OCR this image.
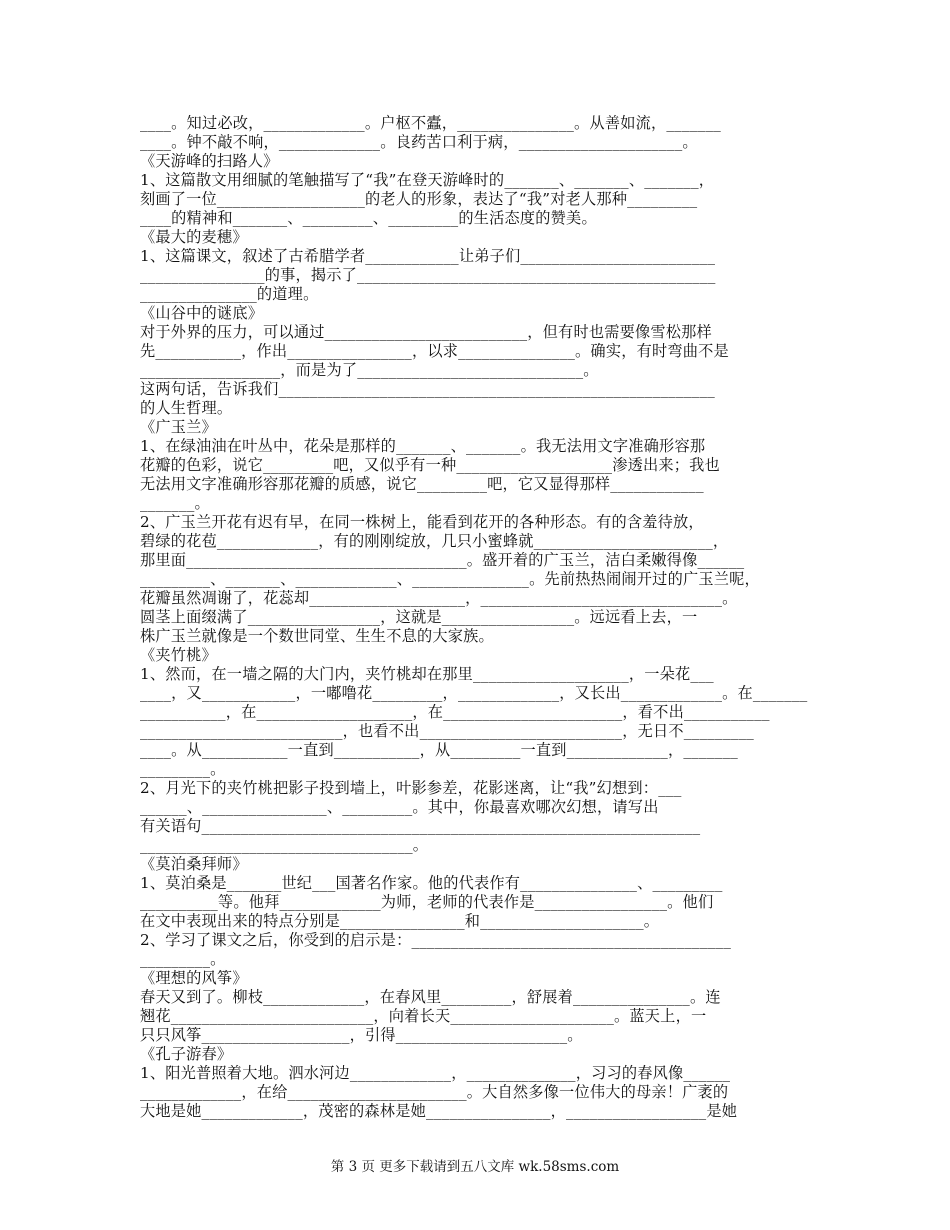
____。知过必改，_____________。户枢不蠹，_______________。从善如流，_______
____。钟不敲不响，_____________。良药苦口利于病，_____________________。
《天游峰的扫路人》
1、这篇散文用细腻的笔触描写了“我”在登天游峰时的_______、_______、_______，
刻画了一位___________________的老人的形象，表达了“我”对老人那种_________
____的精神和_______、_________、_________的生活态度的赞美。
《最大的麦穗》
1、这篇课文，叙述了古希腊学者____________让弟子们_________________________
________________的事，揭示了______________________________________________
_______________的道理。
《山谷中的谜底》
对于外界的压力，可以通过__________________________，但有时也需要像雪松那样
先___________，作出________________，以求_______________。确实，有时弯曲不是
__________________，而是为了_____________________________。
这两句话，告诉我们________________________________________________________
的人生哲理。
《广玉兰》
1、在绿油油在叶丛中，花朵是那样的_______、_______。我无法用文字准确形容那
花瓣的色彩，说它_________吧，又似乎有一种____________________渗透出来；我也
无法用文字准确形容那花瓣的质感，说它_________吧，它又显得那样____________
_______。
2、广玉兰开花有迟有早，在同一株树上，能看到花开的各种形态。有的含羞待放，
碧绿的花苞_____________，有的刚刚绽放，几只小蜜蜂就_______________________，
那里面____________________________________。盛开着的广玉兰，洁白柔嫩得像______
_________、_______、_____________、_______________。先前热热闹闹开过的广玉兰呢，
花瓣虽然凋谢了，花蕊却____________________，_______________________________。
圆茎上面缀满了_________________，这就是_________________。远远看上去，一
株广玉兰就像是一个数世同堂、生生不息的大家族。
《夹竹桃》
1、然而，在一墙之隔的大门内，夹竹桃却在那里____________________，一朵花___
____，又____________，一嘟噜花_________，_____________，又长出_____________。在_______
___________，在____________________，在_______________________，看不出___________
__________________________，也看不出__________________________，无日不_________
____。从___________一直到___________，从_________一直到_____________，_______
_________。
2、月光下的夹竹桃把影子投到墙上，叶影参差，花影迷离，让“我”幻想到：___
______、________________、_________。其中，你最喜欢哪次幻想，请写出
有关语句________________________________________________________________
___________________________________。
《莫泊桑拜师》
1、莫泊桑是_______世纪___国著名作家。他的代表作有_______________、_________
__________等。他拜_____________为师，老师的代表作是_________________。他们
在文中表现出来的特点分别是________________和_____________________。
2、学习了课文之后，你受到的启示是：_________________________________________
_________。
《理想的风筝》
春天又到了。柳枝_____________，在春风里_________，舒展着_______________。连
翘花__________________________，向着长天_____________________。蓝天上，一
只只风筝___________________，引得______________________。
《孔子游春》
1、阳光普照着大地。泗水河边_____________，______________，习习的春风像______
_____________，在给_______________________。大自然多像一位伟大的母亲！广袤的
大地是她_____________，茂密的森林是她________________，__________________是她
第 3 页 更多下载请到五八文库 wk.58sms.com
